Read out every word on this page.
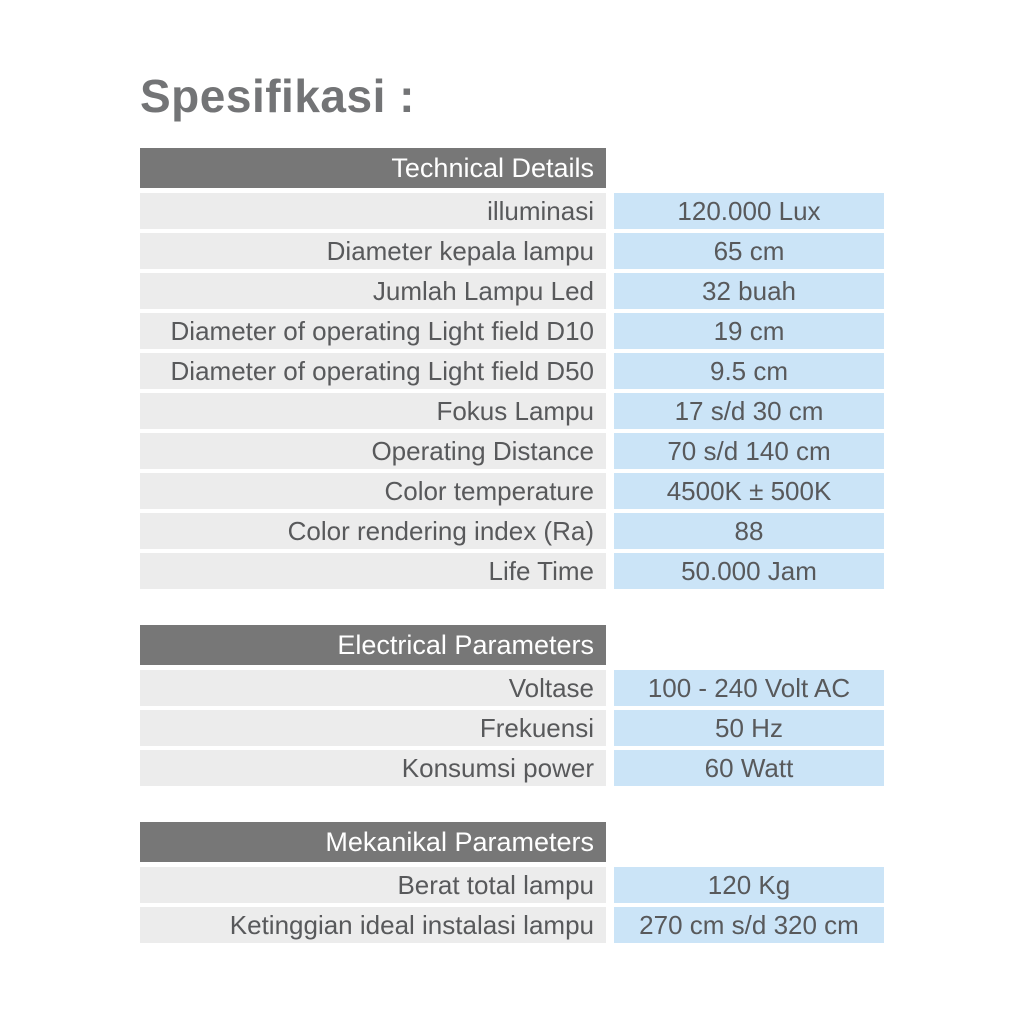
Spesifikasi :
Technical Details
illuminasi	120.000 Lux
Diameter kepala lampu	65 cm
Jumlah Lampu Led	32 buah
Diameter of operating Light field D10	19 cm
Diameter of operating Light field D50	9.5 cm
Fokus Lampu	17 s/d 30 cm
Operating Distance	70 s/d 140 cm
Color temperature	4500K ± 500K
Color rendering index (Ra)	88
Life Time	50.000 Jam
Electrical Parameters
Voltase	100 - 240 Volt AC
Frekuensi	50 Hz
Konsumsi power	60 Watt
Mekanikal Parameters
Berat total lampu	120 Kg
Ketinggian ideal instalasi lampu	270 cm s/d 320 cm
